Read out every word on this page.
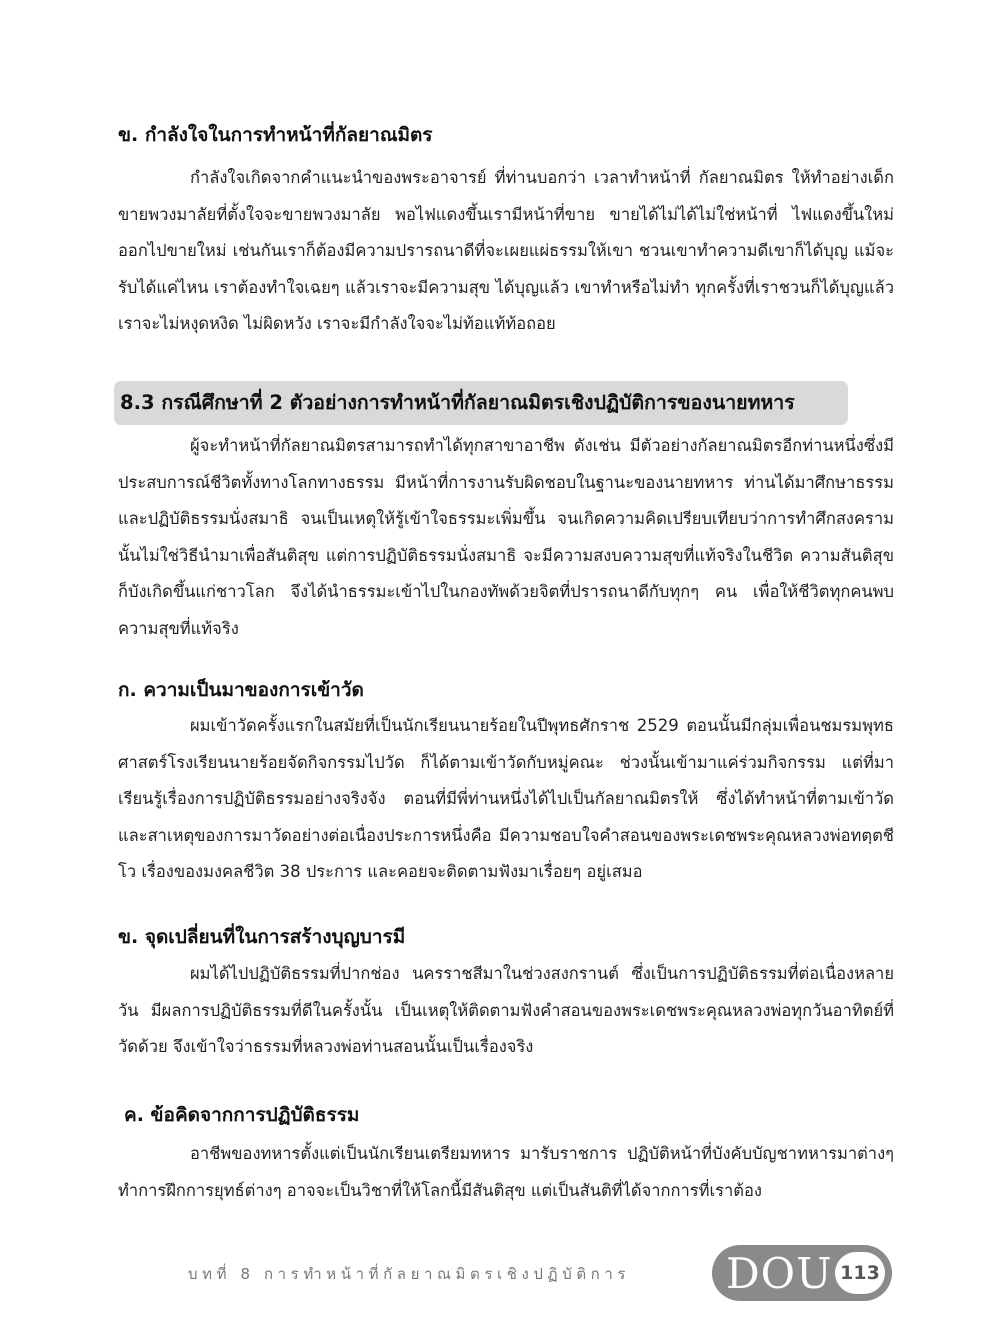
ข. กำลังใจในการทำหน้าที่กัลยาณมิตร

กำลังใจเกิดจากคำแนะนำของพระอาจารย์ ที่ท่านบอกว่า เวลาทำหน้าที่ กัลยาณมิตร ให้ทำอย่างเด็กขายพวงมาลัยที่ตั้งใจจะขายพวงมาลัย พอไฟแดงขึ้นเรามีหน้าที่ขาย ขายได้ไม่ได้ไม่ใช่หน้าที่ ไฟแดงขึ้นใหม่ออกไปขายใหม่ เช่นกันเราก็ต้องมีความปรารถนาดีที่จะเผยแผ่ธรรมให้เขา ชวนเขาทำความดีเขาก็ได้บุญ แม้จะรับได้แค่ไหน เราต้องทำใจเฉยๆ แล้วเราจะมีความสุข ได้บุญแล้ว เขาทำหรือไม่ทำ ทุกครั้งที่เราชวนก็ได้บุญแล้ว เราจะไม่หงุดหงิด ไม่ผิดหวัง เราจะมีกำลังใจจะไม่ท้อแท้ท้อถอย

8.3 กรณีศึกษาที่ 2 ตัวอย่างการทำหน้าที่กัลยาณมิตรเชิงปฏิบัติการของนายทหาร

ผู้จะทำหน้าที่กัลยาณมิตรสามารถทำได้ทุกสาขาอาชีพ ดังเช่น มีตัวอย่างกัลยาณมิตรอีกท่านหนึ่งซึ่งมีประสบการณ์ชีวิตทั้งทางโลกทางธรรม มีหน้าที่การงานรับผิดชอบในฐานะของนายทหาร ท่านได้มาศึกษาธรรมและปฏิบัติธรรมนั่งสมาธิ จนเป็นเหตุให้รู้เข้าใจธรรมะเพิ่มขึ้น จนเกิดความคิดเปรียบเทียบว่าการทำศึกสงครามนั้นไม่ใช่วิธีนำมาเพื่อสันติสุข แต่การปฏิบัติธรรมนั่งสมาธิ จะมีความสงบความสุขที่แท้จริงในชีวิต ความสันติสุขก็บังเกิดขึ้นแก่ชาวโลก จึงได้นำธรรมะเข้าไปในกองทัพด้วยจิตที่ปรารถนาดีกับทุกๆ คน เพื่อให้ชีวิตทุกคนพบความสุขที่แท้จริง

ก. ความเป็นมาของการเข้าวัด

ผมเข้าวัดครั้งแรกในสมัยที่เป็นนักเรียนนายร้อยในปีพุทธศักราช 2529 ตอนนั้นมีกลุ่มเพื่อนชมรมพุทธศาสตร์โรงเรียนนายร้อยจัดกิจกรรมไปวัด ก็ได้ตามเข้าวัดกับหมู่คณะ ช่วงนั้นเข้ามาแค่ร่วมกิจกรรม แต่ที่มาเรียนรู้เรื่องการปฏิบัติธรรมอย่างจริงจัง ตอนที่มีพี่ท่านหนึ่งได้ไปเป็นกัลยาณมิตรให้ ซึ่งได้ทำหน้าที่ตามเข้าวัด และสาเหตุของการมาวัดอย่างต่อเนื่องประการหนึ่งคือ มีความชอบใจคำสอนของพระเดชพระคุณหลวงพ่อทตฺตชีโว เรื่องของมงคลชีวิต 38 ประการ และคอยจะติดตามฟังมาเรื่อยๆ อยู่เสมอ

ข. จุดเปลี่ยนที่ในการสร้างบุญบารมี

ผมได้ไปปฏิบัติธรรมที่ปากช่อง นครราชสีมาในช่วงสงกรานต์ ซึ่งเป็นการปฏิบัติธรรมที่ต่อเนื่องหลายวัน มีผลการปฏิบัติธรรมที่ดีในครั้งนั้น เป็นเหตุให้ติดตามฟังคำสอนของพระเดชพระคุณหลวงพ่อทุกวันอาทิตย์ที่วัดด้วย จึงเข้าใจว่าธรรมที่หลวงพ่อท่านสอนนั้นเป็นเรื่องจริง

ค. ข้อคิดจากการปฏิบัติธรรม

อาชีพของทหารตั้งแต่เป็นนักเรียนเตรียมทหาร มารับราชการ ปฏิบัติหน้าที่บังคับบัญชาทหารมาต่างๆ ทำการฝึกการยุทธ์ต่างๆ อาจจะเป็นวิชาที่ให้โลกนี้มีสันติสุข แต่เป็นสันติที่ได้จากการที่เราต้อง

บทที่ 8 การทำหน้าที่กัลยาณมิตรเชิงปฏิบัติการ	DOU 113
